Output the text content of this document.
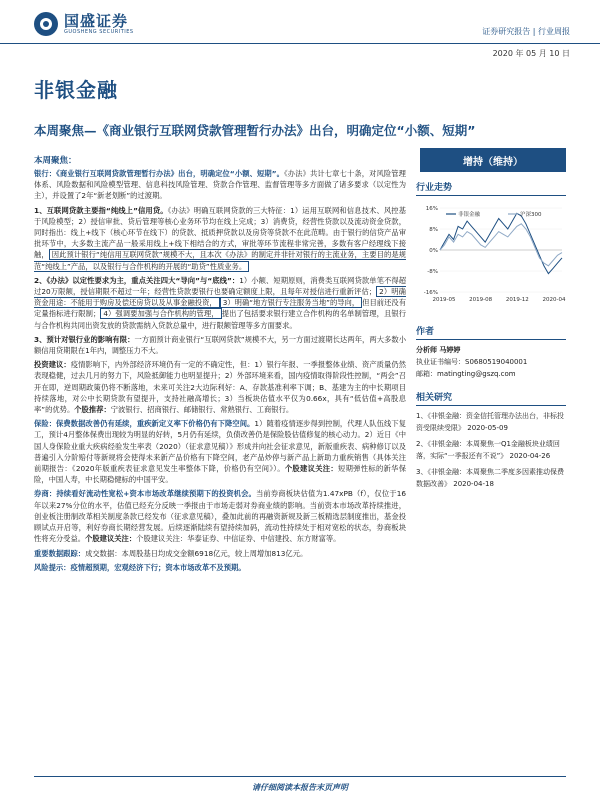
国盛证券
GUOSHENG SECURITIES	证券研究报告 | 行业周报
2020 年 05 月 10 日
非银金融
本周聚焦—《商业银行互联网贷款管理暂行办法》出台，明确定位“小额、短期”
增持（维持）
本周聚焦：

银行：《商业银行互联网贷款管理暂行办法》出台，明确定位“小额、短期”。《办法》共计七章七十条，对风险管理体系、风险数据和风险模型管理、信息科技风险管理、贷款合作管理、监督管理等多方面做了诸多要求（以定性为主），并设置了2年“新老划断”的过渡期。

1、互联网贷款主要指“纯线上”信用贷。《办法》明确互联网贷款的三大特征：1）运用互联网和信息技术、风控基于风险模型；2）授信审批、贷后管理等核心业务环节均在线上完成；3）消费贷，经营性贷款以及流动资金贷款，同时指出：线上+线下（核心环节在线下）的贷款、抵质押贷款以及房贷等贷款不在此范畴。由于银行的信贷产品审批环节中，大多数主流产品一般采用线上+线下相结合的方式，审批等环节流程非常完善，多数有客户经理线下接触， 因此预计银行“纯信用互联网贷款”规模不大，且本次《办法》的制定并非针对银行的主流业务，主要目的是规范“纯线上”产品，以及银行与合作机构的开展的“助贷”性质业务。

2、《办法》以定性要求为主，重点关注四大“导向”与“底线”：1）小额、短期原则，消费类互联网贷款单笔不得超过20万限额，授信期限不超过一年；经营性贷款要银行也要确定额度上限，且每年对授信进行重新评估； 2）明确资金用途：不能用于购房及偿还房贷以及从事金融投资， 3）明确“地方银行专注服务当地”的导向， 但目前还没有定量指标进行限制； 4）强调要加强与合作机构的管理， 提出了包括要求银行建立合作机构的名单制管理，且银行与合作机构共同出资发放的贷款需纳入贷款总量中，进行限额管理等多方面要求。

3、预计对银行业的影响有限：一方面预计商业银行“互联网贷款”规模不大，另一方面过渡期长达两年，两大多数小额信用贷期限在1年内，调整压力不大。

投资建议：疫情影响下，内外部经济环境仍有一定的不确定性，但：1）银行年报、一季报整体业绩、资产质量仍然表现稳健，过去几月的努力下，风险抵御能力也明显提升；2）外部环境来看，国内疫情取得阶段性控制，“两会”召开在即，逆周期政策仍将不断落地，未来可关注2大边际利好：A、存款基准利率下调；B、基建为主的中长期项目持续落地，对公中长期贷款有望提升，支持社融高增长；3）当板块估值水平仅为0.66x，具有“低估值+高股息率”的优势。个股推荐：宁波银行、招商银行、邮储银行、常熟银行、工商银行。

保险：保费数据改善仍有延续，重疾新定义率下价格仍有下降空间。1）随着疫情逐步得到控制，代理人队伍线下复工，预计4月整体保费出现较为明显的好转，5月仍有延续，负债改善仍是保险股估值修复的核心动力。2）近日《中国人身保险业重大疾病经验发生率表（2020）（征求意见稿）》形成并向社会征求意见，新版重疾表、病种修订以及普遍引入分阶赔付等新规将会使得未来新产品价格有下降空间，老产品炒停与新产品上新助力重疾销售（具体关注前期报告：《2020年版重疾表征求意见发生率整体下降，价格仍有空间》）。个股建议关注：短期弹性标的新华保险，中国人寿，中长期稳健标的中国平安。

券商：持续看好流动性宽松+资本市场改革继续预期下的投资机会。当前券商板块估值为1.47xPB（f），仅位于16年以来27%分位的水平，估值已经充分反映一季报由于市场走弱对券商业绩的影响。当前资本市场改革持续推进，创业板注册制改革相关制度条款已经发布（征求意见稿），叠加此前的再融资新规及新三板精选层制度推出，基金投顾试点开启等，利好券商长期经营发展。后续逐渐陆续有望持续加码，流动性持续处于相对宽松的状态，券商板块性将充分受益。个股建议关注：个股建议关注：华泰证券、中信证券、中信建投、东方财富等。

重要数据跟踪：成交数据：本周股基日均成交金额6918亿元，较上周增加813亿元。

风险提示：疫情超预期，宏观经济下行；资本市场改革不及预期。

行业走势
16%
8%
0%
-8%
-16%
2019-05 2019-08 2019-12 2020-04
非银金融	沪深300
作者
分析师 马婷婷
执业证书编号：S0680519040001
邮箱：matingting@gszq.com
相关研究
1、《非银金融：资金信托管理办法出台，非标投资受限续受限》 2020-05-09
2、《非银金融：本周聚焦一Q1金融板块业绩回落，实际“一季报还有不说”》 2020-04-26
3、《非银金融：本周聚焦二季度多因素推动保费数据改善》 2020-04-18
请仔细阅读本报告末页声明
